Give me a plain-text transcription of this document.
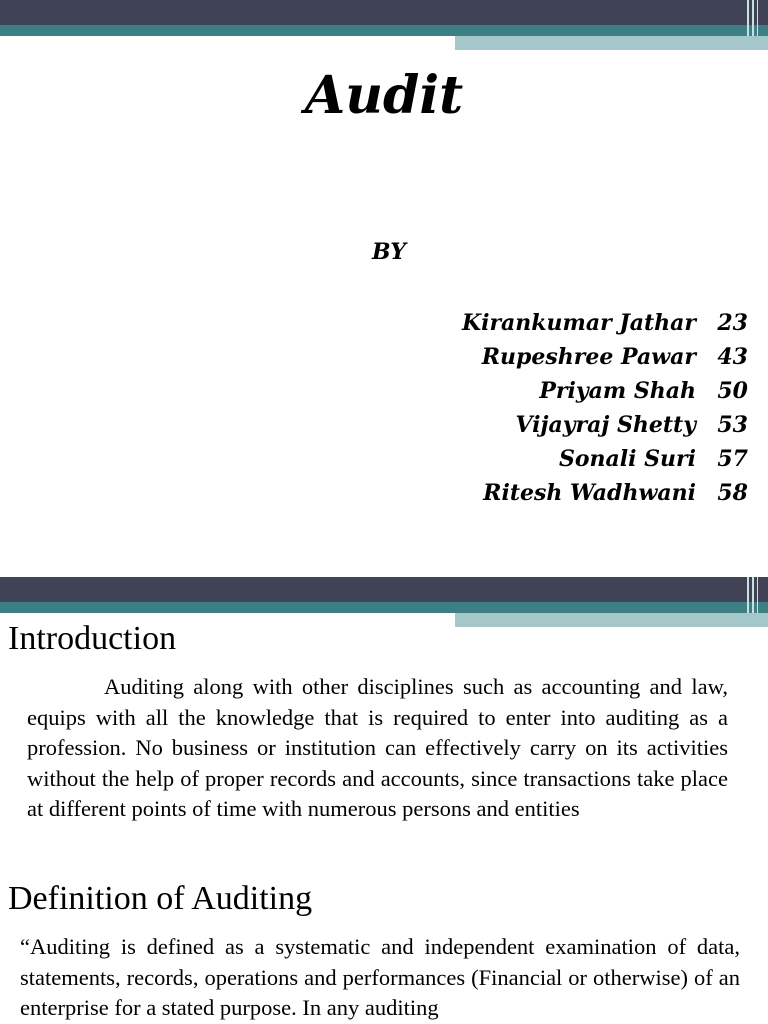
Audit
BY
Kirankumar Jathar 23
Rupeshree Pawar 43
Priyam Shah 50
Vijayraj Shetty 53
Sonali Suri 57
Ritesh Wadhwani 58
Introduction

Auditing along with other disciplines such as accounting and law, equips with all the knowledge that is required to enter into auditing as a profession. No business or institution can effectively carry on its activities without the help of proper records and accounts, since transactions take place at different points of time with numerous persons and entities

Definition of Auditing

“Auditing is defined as a systematic and independent examination of data, statements, records, operations and performances (Financial or otherwise) of an enterprise for a stated purpose. In any auditing
